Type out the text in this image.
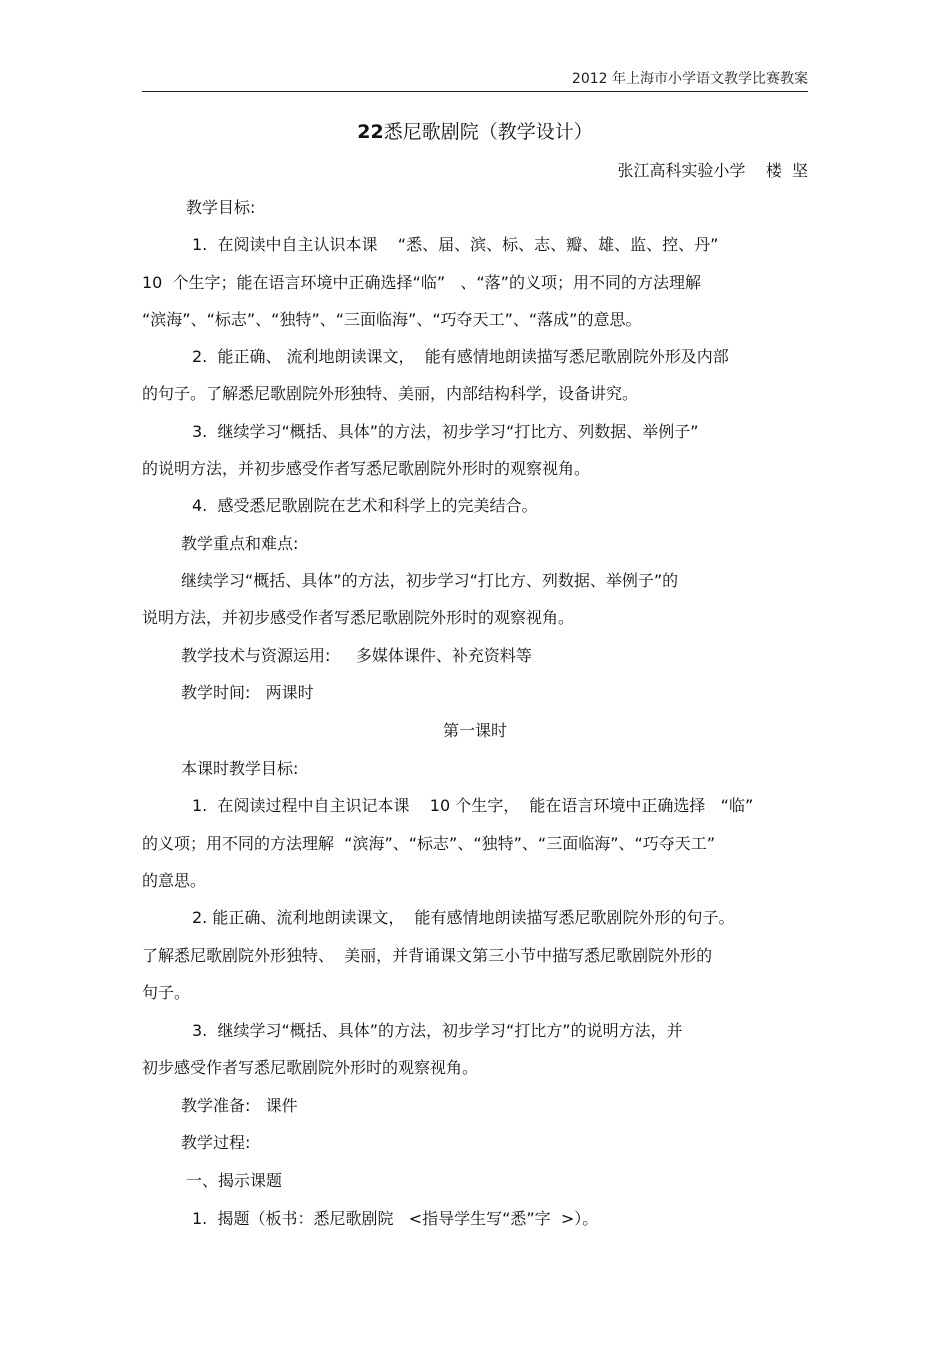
2012 年上海市小学语文教学比赛教案
22悉尼歌剧院（教学设计）
张江高科实验小学    楼  坚
教学目标:
1.  在阅读中自主认识本课    “悉、届、滨、标、志、瓣、雄、监、控、丹”
10  个生字；能在语言环境中正确选择“临”   、“落”的义项；用不同的方法理解
“滨海”、“标志”、“独特”、“三面临海”、“巧夺天工”、“落成”的意思。
2.  能正确、 流利地朗读课文，  能有感情地朗读描写悉尼歌剧院外形及内部
的句子。了解悉尼歌剧院外形独特、美丽，内部结构科学，设备讲究。
3.  继续学习“概括、具体”的方法，初步学习“打比方、列数据、举例子”
的说明方法，并初步感受作者写悉尼歌剧院外形时的观察视角。
4.  感受悉尼歌剧院在艺术和科学上的完美结合。
教学重点和难点:
继续学习“概括、具体”的方法，初步学习“打比方、列数据、举例子”的
说明方法，并初步感受作者写悉尼歌剧院外形时的观察视角。
教学技术与资源运用:     多媒体课件、补充资料等
教学时间:   两课时
第一课时
本课时教学目标:
1.  在阅读过程中自主识记本课    10 个生字，  能在语言环境中正确选择   “临”
的义项；用不同的方法理解  “滨海”、“标志”、“独特”、“三面临海”、“巧夺天工”
的意思。
2. 能正确、流利地朗读课文，  能有感情地朗读描写悉尼歌剧院外形的句子。
了解悉尼歌剧院外形独特、  美丽，并背诵课文第三小节中描写悉尼歌剧院外形的
句子。
3.  继续学习“概括、具体”的方法，初步学习“打比方”的说明方法，并
初步感受作者写悉尼歌剧院外形时的观察视角。
教学准备:   课件
教学过程:
一、揭示课题
1.  揭题（板书：悉尼歌剧院   <指导学生写“悉”字  >）。
